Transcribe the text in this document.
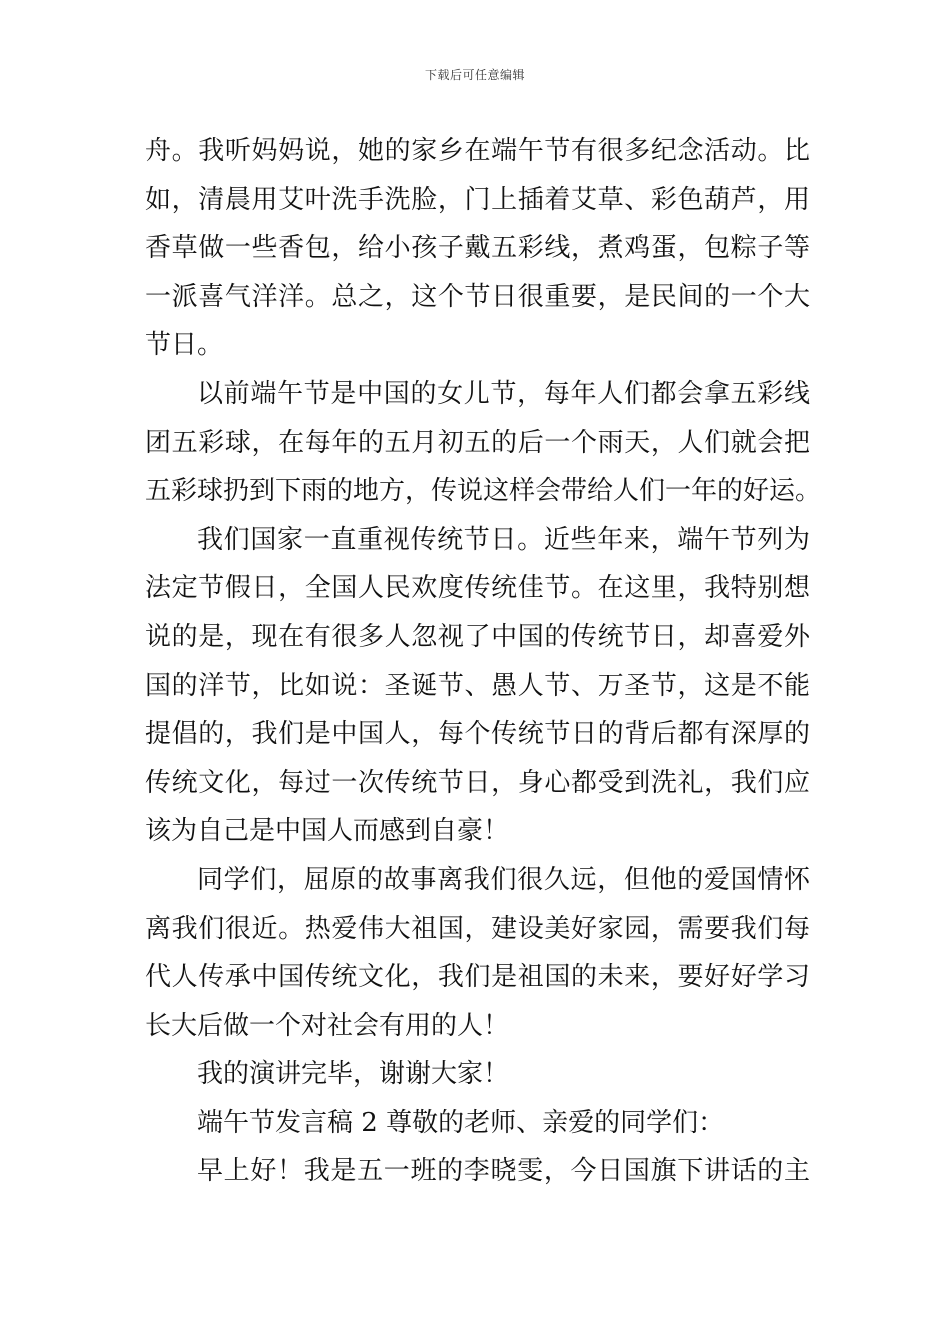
下载后可任意编辑
舟。我听妈妈说，她的家乡在端午节有很多纪念活动。比
如，清晨用艾叶洗手洗脸，门上插着艾草、彩色葫芦，用
香草做一些香包，给小孩子戴五彩线，煮鸡蛋，包粽子等
一派喜气洋洋。总之，这个节日很重要，是民间的一个大
节日。
以前端午节是中国的女儿节，每年人们都会拿五彩线
团五彩球，在每年的五月初五的后一个雨天，人们就会把
五彩球扔到下雨的地方，传说这样会带给人们一年的好运。
我们国家一直重视传统节日。近些年来，端午节列为
法定节假日，全国人民欢度传统佳节。在这里，我特别想
说的是，现在有很多人忽视了中国的传统节日，却喜爱外
国的洋节，比如说：圣诞节、愚人节、万圣节，这是不能
提倡的，我们是中国人，每个传统节日的背后都有深厚的
传统文化，每过一次传统节日，身心都受到洗礼，我们应
该为自己是中国人而感到自豪！
同学们，屈原的故事离我们很久远，但他的爱国情怀
离我们很近。热爱伟大祖国，建设美好家园，需要我们每
代人传承中国传统文化，我们是祖国的未来，要好好学习
长大后做一个对社会有用的人！
我的演讲完毕，谢谢大家！
端午节发言稿 2 尊敬的老师、亲爱的同学们：
早上好！我是五一班的李晓雯，今日国旗下讲话的主
